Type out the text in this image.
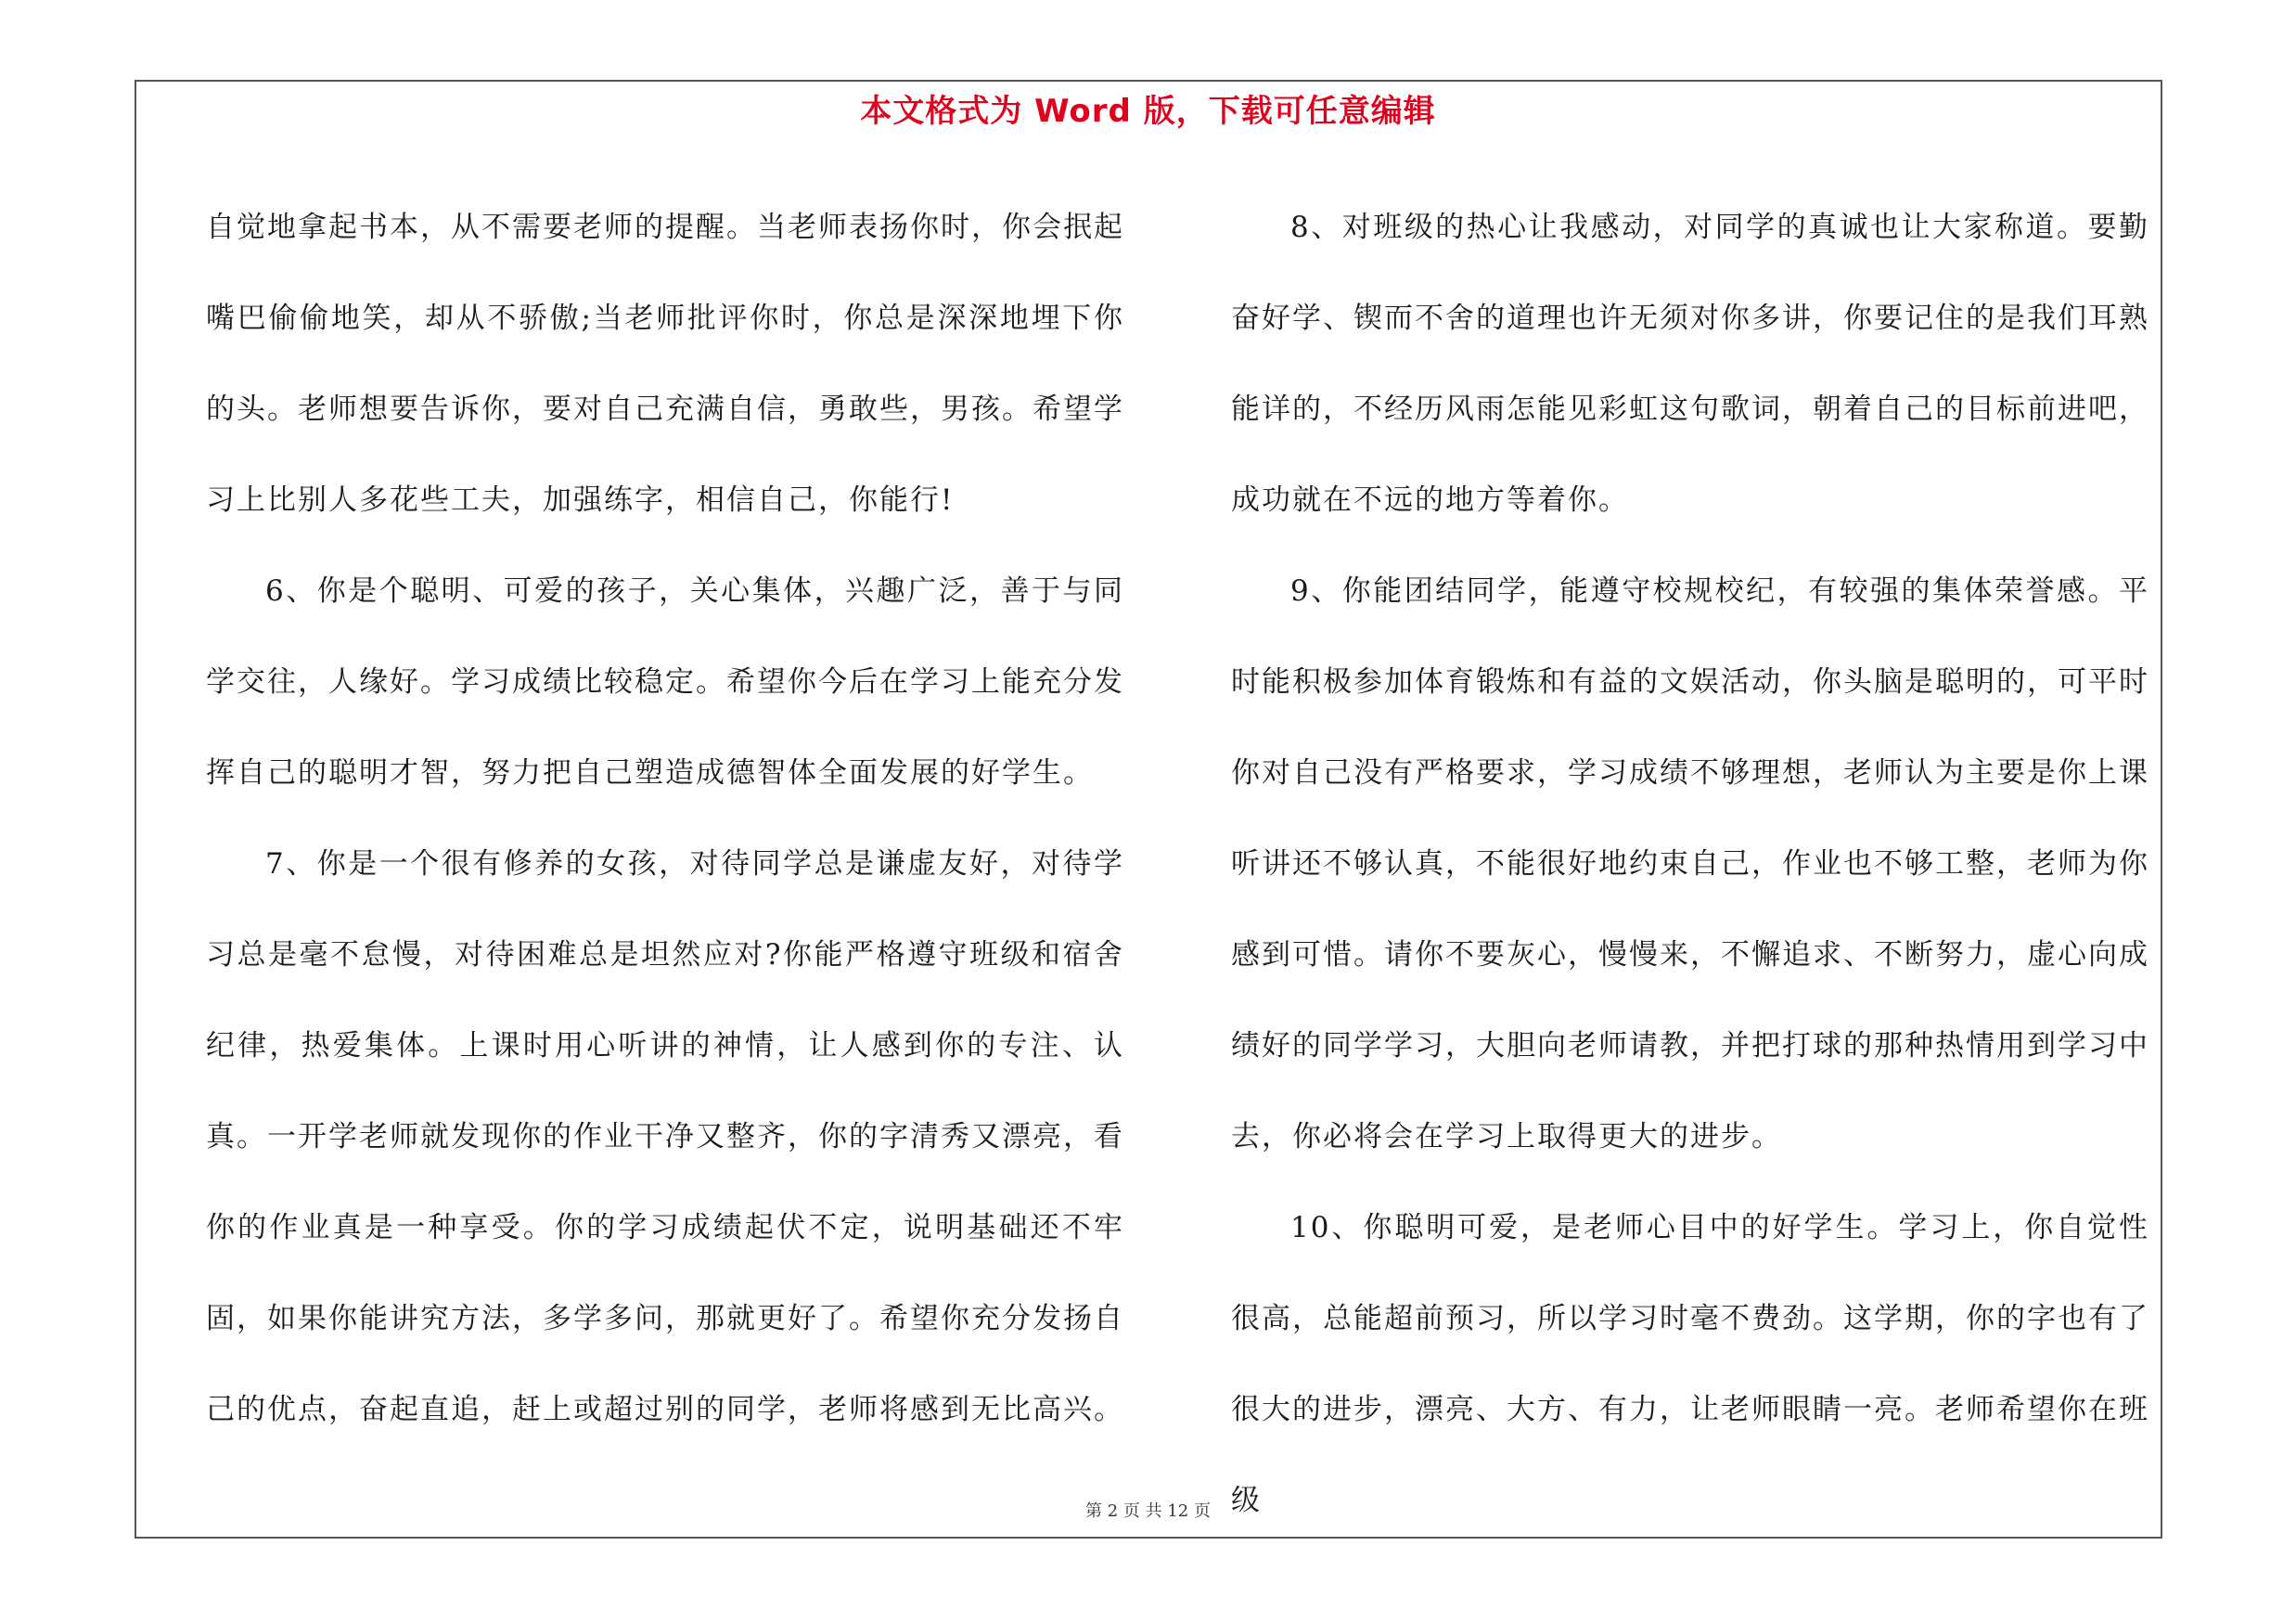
本文格式为 Word 版，下载可任意编辑

自觉地拿起书本，从不需要老师的提醒。当老师表扬你时，你会抿起嘴巴偷偷地笑，却从不骄傲;当老师批评你时，你总是深深地埋下你的头。老师想要告诉你，要对自己充满自信，勇敢些，男孩。希望学习上比别人多花些工夫，加强练字，相信自己，你能行!

6、你是个聪明、可爱的孩子，关心集体，兴趣广泛，善于与同学交往，人缘好。学习成绩比较稳定。希望你今后在学习上能充分发挥自己的聪明才智，努力把自己塑造成德智体全面发展的好学生。

7、你是一个很有修养的女孩，对待同学总是谦虚友好，对待学习总是毫不怠慢，对待困难总是坦然应对?你能严格遵守班级和宿舍纪律，热爱集体。上课时用心听讲的神情，让人感到你的专注、认真。一开学老师就发现你的作业干净又整齐，你的字清秀又漂亮，看你的作业真是一种享受。你的学习成绩起伏不定，说明基础还不牢固，如果你能讲究方法，多学多问，那就更好了。希望你充分发扬自己的优点，奋起直追，赶上或超过别的同学，老师将感到无比高兴。

8、对班级的热心让我感动，对同学的真诚也让大家称道。要勤奋好学、锲而不舍的道理也许无须对你多讲，你要记住的是我们耳熟能详的，不经历风雨怎能见彩虹这句歌词，朝着自己的目标前进吧，成功就在不远的地方等着你。

9、你能团结同学，能遵守校规校纪，有较强的集体荣誉感。平时能积极参加体育锻炼和有益的文娱活动，你头脑是聪明的，可平时你对自己没有严格要求，学习成绩不够理想，老师认为主要是你上课听讲还不够认真，不能很好地约束自己，作业也不够工整，老师为你感到可惜。请你不要灰心，慢慢来，不懈追求、不断努力，虚心向成绩好的同学学习，大胆向老师请教，并把打球的那种热情用到学习中去，你必将会在学习上取得更大的进步。

10、你聪明可爱，是老师心目中的好学生。学习上，你自觉性很高，总能超前预习，所以学习时毫不费劲。这学期，你的字也有了很大的进步，漂亮、大方、有力，让老师眼睛一亮。老师希望你在班级

第 2 页 共 12 页
